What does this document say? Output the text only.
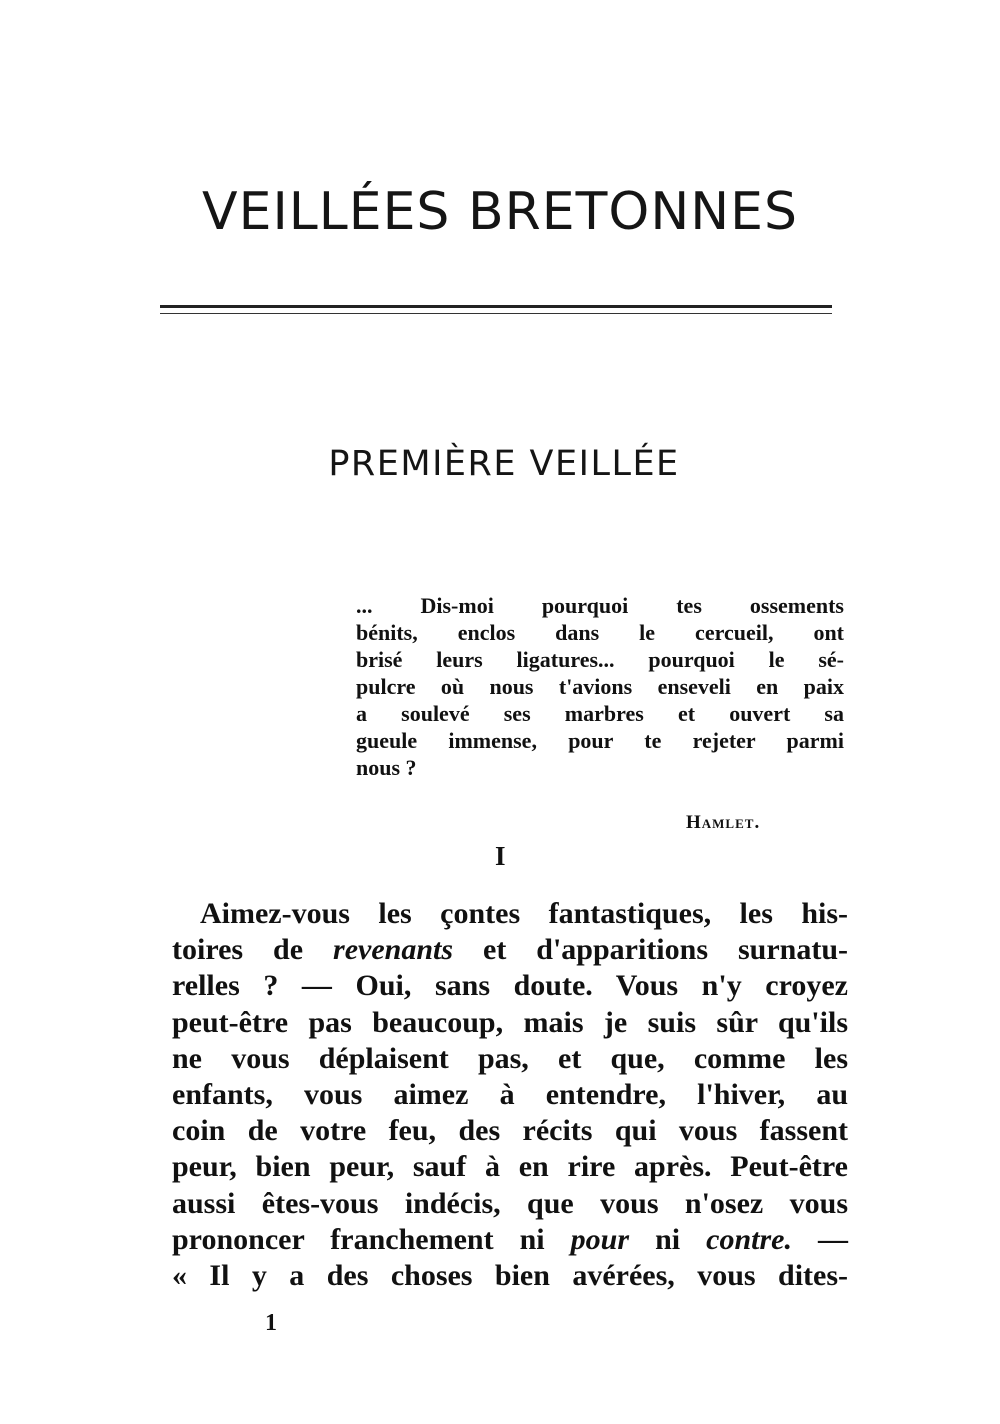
VEILLÉES BRETONNES
PREMIÈRE VEILLÉE
... Dis-moi pourquoi tes ossements
bénits, enclos dans le cercueil, ont
brisé leurs ligatures... pourquoi le sé-
pulcre où nous t'avions enseveli en paix
a soulevé ses marbres et ouvert sa
gueule immense, pour te rejeter parmi
nous ?
Hamlet.
I
Aimez-vous les çontes fantastiques, les his-
toires de revenants et d'apparitions surnatu-
relles ? — Oui, sans doute. Vous n'y croyez
peut-être pas beaucoup, mais je suis sûr qu'ils
ne vous déplaisent pas, et que, comme les
enfants, vous aimez à entendre, l'hiver, au
coin de votre feu, des récits qui vous fassent
peur, bien peur, sauf à en rire après. Peut-être
aussi êtes-vous indécis, que vous n'osez vous
prononcer franchement ni pour ni contre. —
« Il y a des choses bien avérées, vous dites-
1
